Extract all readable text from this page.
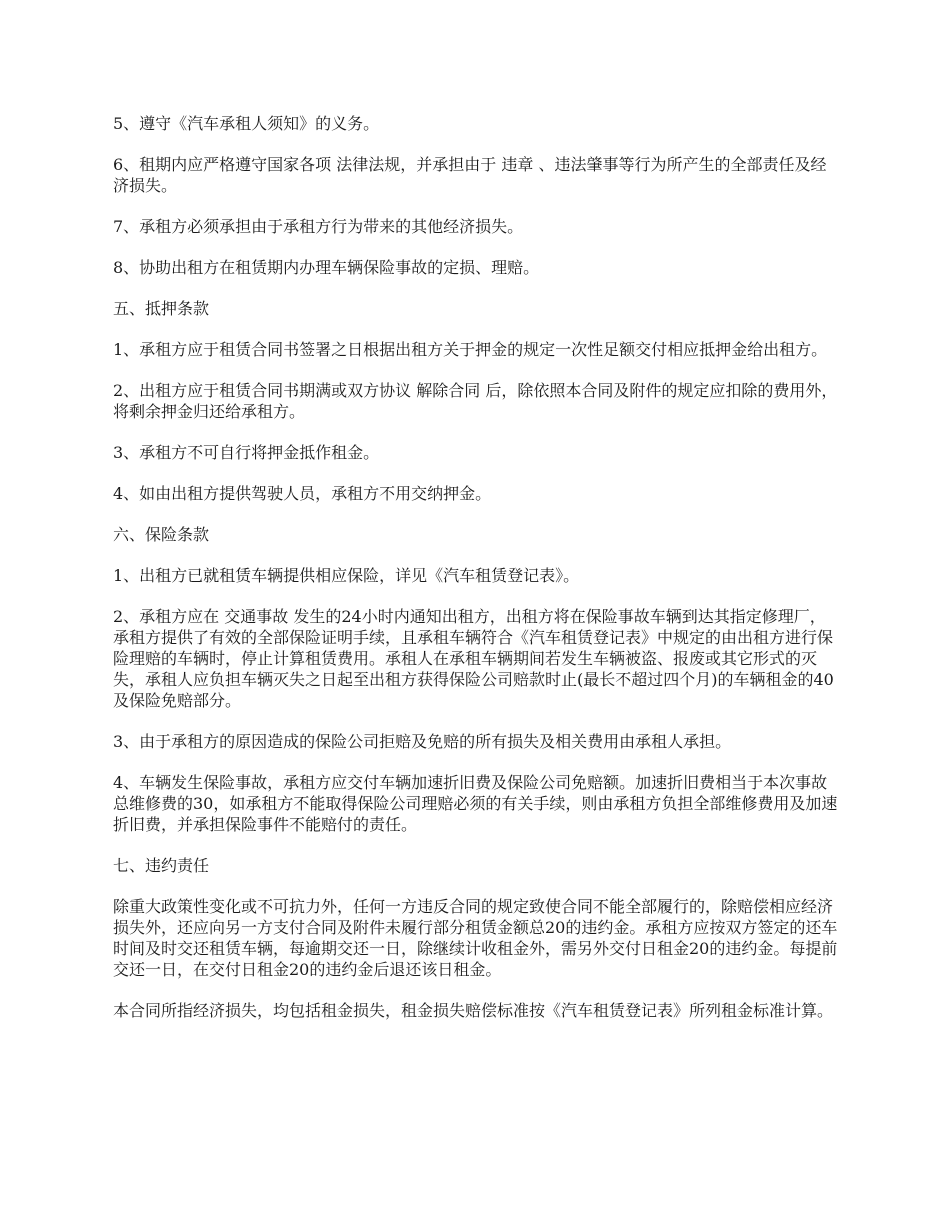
5、遵守《汽车承租人须知》的义务。

6、租期内应严格遵守国家各项 法律法规，并承担由于 违章 、违法肇事等行为所产生的全部责任及经济损失。

7、承租方必须承担由于承租方行为带来的其他经济损失。

8、协助出租方在租赁期内办理车辆保险事故的定损、理赔。

五、抵押条款

1、承租方应于租赁合同书签署之日根据出租方关于押金的规定一次性足额交付相应抵押金给出租方。

2、出租方应于租赁合同书期满或双方协议 解除合同 后，除依照本合同及附件的规定应扣除的费用外，将剩余押金归还给承租方。

3、承租方不可自行将押金抵作租金。

4、如由出租方提供驾驶人员，承租方不用交纳押金。

六、保险条款

1、出租方已就租赁车辆提供相应保险，详见《汽车租赁登记表》。

2、承租方应在 交通事故 发生的24小时内通知出租方，出租方将在保险事故车辆到达其指定修理厂，承租方提供了有效的全部保险证明手续，且承租车辆符合《汽车租赁登记表》中规定的由出租方进行保险理赔的车辆时，停止计算租赁费用。承租人在承租车辆期间若发生车辆被盗、报废或其它形式的灭失，承租人应负担车辆灭失之日起至出租方获得保险公司赔款时止(最长不超过四个月)的车辆租金的40及保险免赔部分。

3、由于承租方的原因造成的保险公司拒赔及免赔的所有损失及相关费用由承租人承担。

4、车辆发生保险事故，承租方应交付车辆加速折旧费及保险公司免赔额。加速折旧费相当于本次事故总维修费的30，如承租方不能取得保险公司理赔必须的有关手续，则由承租方负担全部维修费用及加速折旧费，并承担保险事件不能赔付的责任。

七、违约责任

除重大政策性变化或不可抗力外，任何一方违反合同的规定致使合同不能全部履行的，除赔偿相应经济损失外，还应向另一方支付合同及附件未履行部分租赁金额总20的违约金。承租方应按双方签定的还车时间及时交还租赁车辆，每逾期交还一日，除继续计收租金外，需另外交付日租金20的违约金。每提前交还一日，在交付日租金20的违约金后退还该日租金。

本合同所指经济损失，均包括租金损失，租金损失赔偿标准按《汽车租赁登记表》所列租金标准计算。
